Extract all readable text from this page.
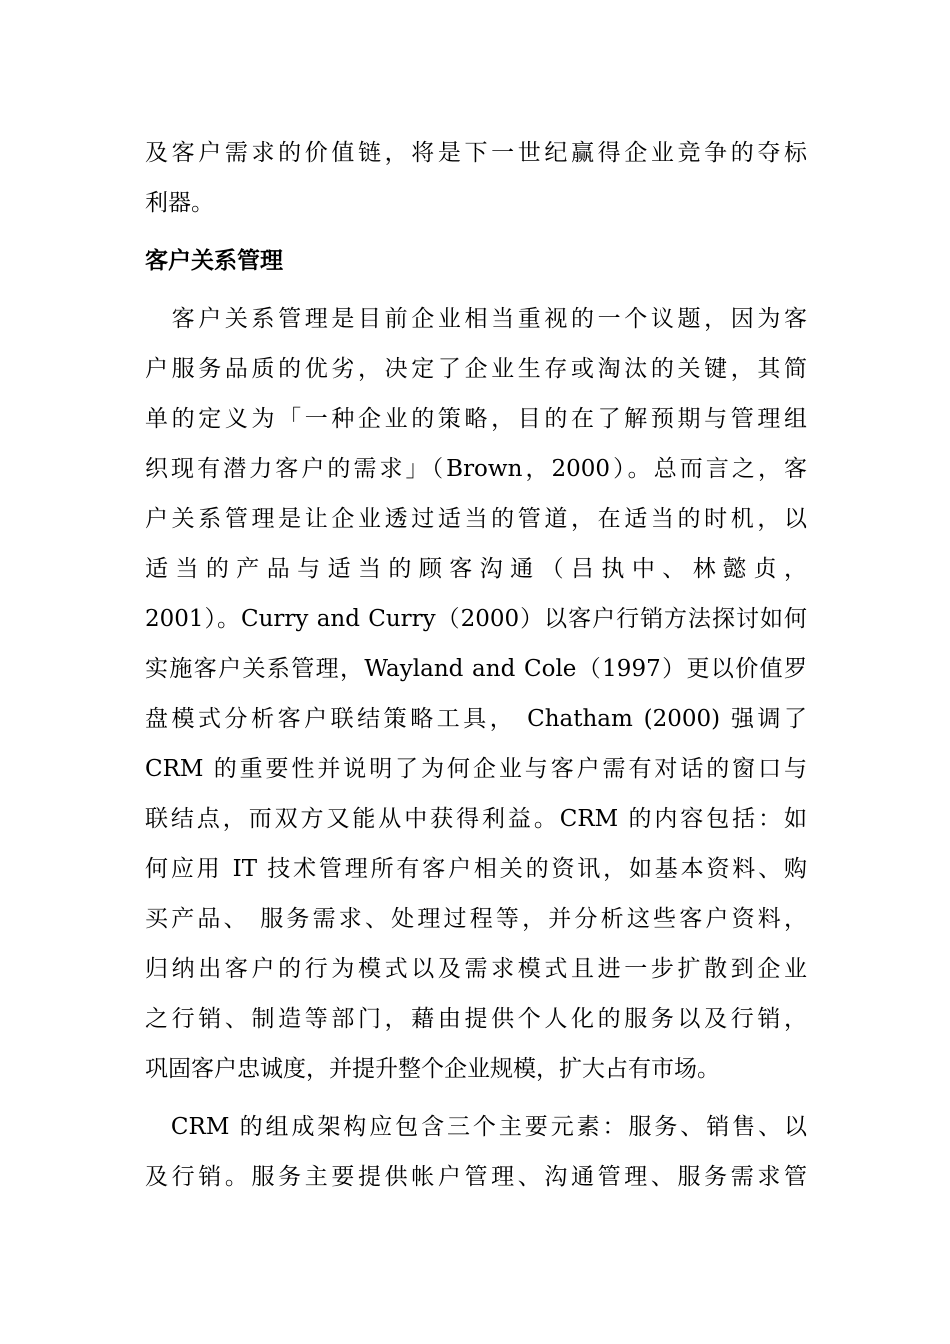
及客户需求的价值链，将是下一世纪赢得企业竞争的夺标
利器。
客户关系管理
　客户关系管理是目前企业相当重视的一个议题，因为客
户服务品质的优劣，决定了企业生存或淘汰的关键，其简
单的定义为「一种企业的策略，目的在了解预期与管理组
织现有潜力客户的需求」（Brown，2000）。总而言之，客
户关系管理是让企业透过适当的管道，在适当的时机，以
适当的产品与适当的顾客沟通（吕执中、林懿贞，
2001）。Curry and Curry（2000）以客户行销方法探讨如何
实施客户关系管理，Wayland and Cole（1997）更以价值罗
盘模式分析客户联结策略工具， Chatham (2000) 强调了
CRM 的重要性并说明了为何企业与客户需有对话的窗口与
联结点，而双方又能从中获得利益。CRM 的内容包括：如
何应用 IT 技术管理所有客户相关的资讯，如基本资料、购
买产品、 服务需求、处理过程等，并分析这些客户资料，
归纳出客户的行为模式以及需求模式且进一步扩散到企业
之行销、制造等部门，藉由提供个人化的服务以及行销，
巩固客户忠诚度，并提升整个企业规模，扩大占有市场。
　CRM 的组成架构应包含三个主要元素：服务、销售、以
及行销。服务主要提供帐户管理、沟通管理、服务需求管
